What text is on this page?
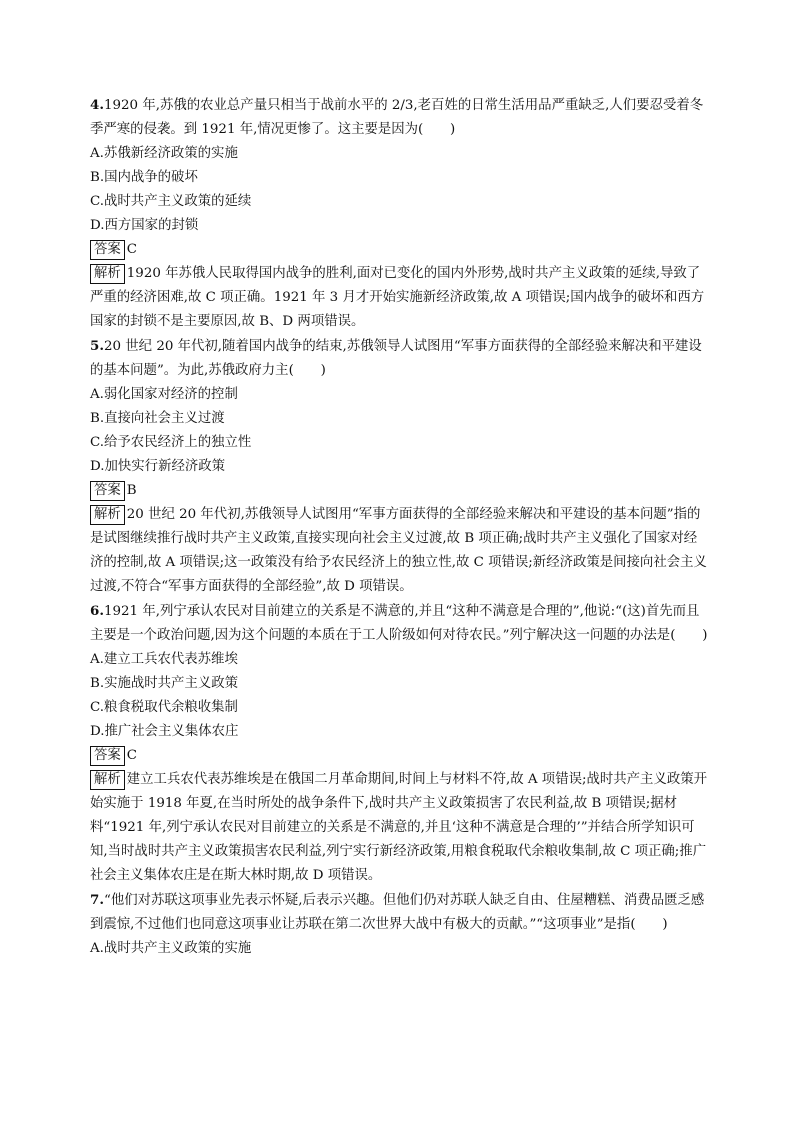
4.1920 年,苏俄的农业总产量只相当于战前水平的 2/3,老百姓的日常生活用品严重缺乏,人们要忍受着冬季严寒的侵袭。到 1921 年,情况更惨了。这主要是因为(　　)

A.苏俄新经济政策的实施

B.国内战争的破坏

C.战时共产主义政策的延续

D.西方国家的封锁

答案 C

解析 1920 年苏俄人民取得国内战争的胜利,面对已变化的国内外形势,战时共产主义政策的延续,导致了严重的经济困难,故 C 项正确。1921 年 3 月才开始实施新经济政策,故 A 项错误;国内战争的破坏和西方国家的封锁不是主要原因,故 B、D 两项错误。

5.20 世纪 20 年代初,随着国内战争的结束,苏俄领导人试图用“军事方面获得的全部经验来解决和平建设的基本问题”。为此,苏俄政府力主(　　)

A.弱化国家对经济的控制

B.直接向社会主义过渡

C.给予农民经济上的独立性

D.加快实行新经济政策

答案 B

解析 20 世纪 20 年代初,苏俄领导人试图用“军事方面获得的全部经验来解决和平建设的基本问题”指的是试图继续推行战时共产主义政策,直接实现向社会主义过渡,故 B 项正确;战时共产主义强化了国家对经济的控制,故 A 项错误;这一政策没有给予农民经济上的独立性,故 C 项错误;新经济政策是间接向社会主义过渡,不符合“军事方面获得的全部经验”,故 D 项错误。

6.1921 年,列宁承认农民对目前建立的关系是不满意的,并且“这种不满意是合理的”,他说:“(这)首先而且主要是一个政治问题,因为这个问题的本质在于工人阶级如何对待农民。”列宁解决这一问题的办法是(　　)

A.建立工兵农代表苏维埃

B.实施战时共产主义政策

C.粮食税取代余粮收集制

D.推广社会主义集体农庄

答案 C

解析 建立工兵农代表苏维埃是在俄国二月革命期间,时间上与材料不符,故 A 项错误;战时共产主义政策开始实施于 1918 年夏,在当时所处的战争条件下,战时共产主义政策损害了农民利益,故 B 项错误;据材料“1921 年,列宁承认农民对目前建立的关系是不满意的,并且‘这种不满意是合理的’”并结合所学知识可知,当时战时共产主义政策损害农民利益,列宁实行新经济政策,用粮食税取代余粮收集制,故 C 项正确;推广社会主义集体农庄是在斯大林时期,故 D 项错误。

7.“他们对苏联这项事业先表示怀疑,后表示兴趣。但他们仍对苏联人缺乏自由、住屋糟糕、消费品匮乏感到震惊,不过他们也同意这项事业让苏联在第二次世界大战中有极大的贡献。”“这项事业”是指(　　)

A.战时共产主义政策的实施
